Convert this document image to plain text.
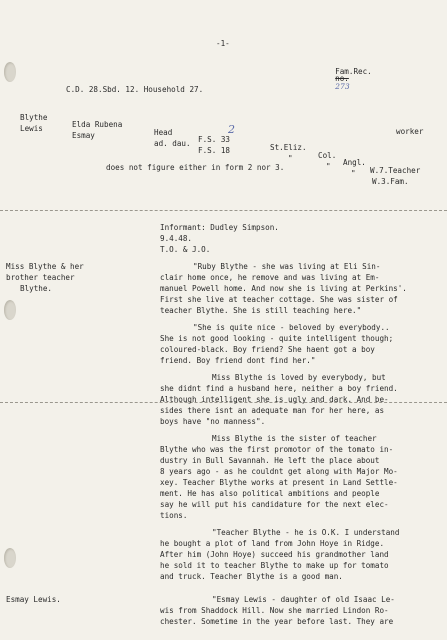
-1-

Fam.Rec.
no.
273

C.D. 28.Sbd. 12. Household 27.

Blythe

Elda Rubena

Head

F.S. 33

St.Eliz.

Col.

Angl.

W.7.Teacher

Lewis

Esmay

ad. dau.

F.S. 18

"

"

"

W.3.Fam.

worker
2
does not figure either in form 2 nor 3.
Informant: Dudley Simpson.
9.4.48.
T.O. & J.O.
Miss Blythe & her
brother teacher
Blythe.
Esmay Lewis.
"Ruby Blythe - she was living at Eli Sin-
clair home once, he remove and was living at Em-
manuel Powell home. And now she is living at Perkins'.
First she live at teacher cottage. She was sister of
teacher Blythe. She is still teaching here."
"She is quite nice - beloved by everybody..
She is not good looking - quite intelligent though;
coloured-black. Boy friend? She haent got a boy
friend. Boy friend dont find her."
Miss Blythe is loved by everybody, but
she didnt find a husband here, neither a boy friend.
Although intelligent she is ugly and dark. And be-
sides there isnt an adequate man for her here, as
boys have "no manness".
Miss Blythe is the sister of teacher
Blythe who was the first promotor of the tomato in-
dustry in Bull Savannah. He left the place about
8 years ago - as he couldnt get along with Major Mo-
xey. Teacher Blythe works at present in Land Settle-
ment. He has also political ambitions and people
say he will put his candidature for the next elec-
tions.
"Teacher Blythe - he is O.K. I understand
he bought a plot of land from John Hoye in Ridge.
After him (John Hoye) succeed his grandmother land
he sold it to teacher Blythe to make up for tomato
and truck. Teacher Blythe is a good man.
"Esmay Lewis - daughter of old Isaac Le-
wis from Shaddock Hill. Now she married Lindon Ro-
chester. Sometime in the year before last. They are
